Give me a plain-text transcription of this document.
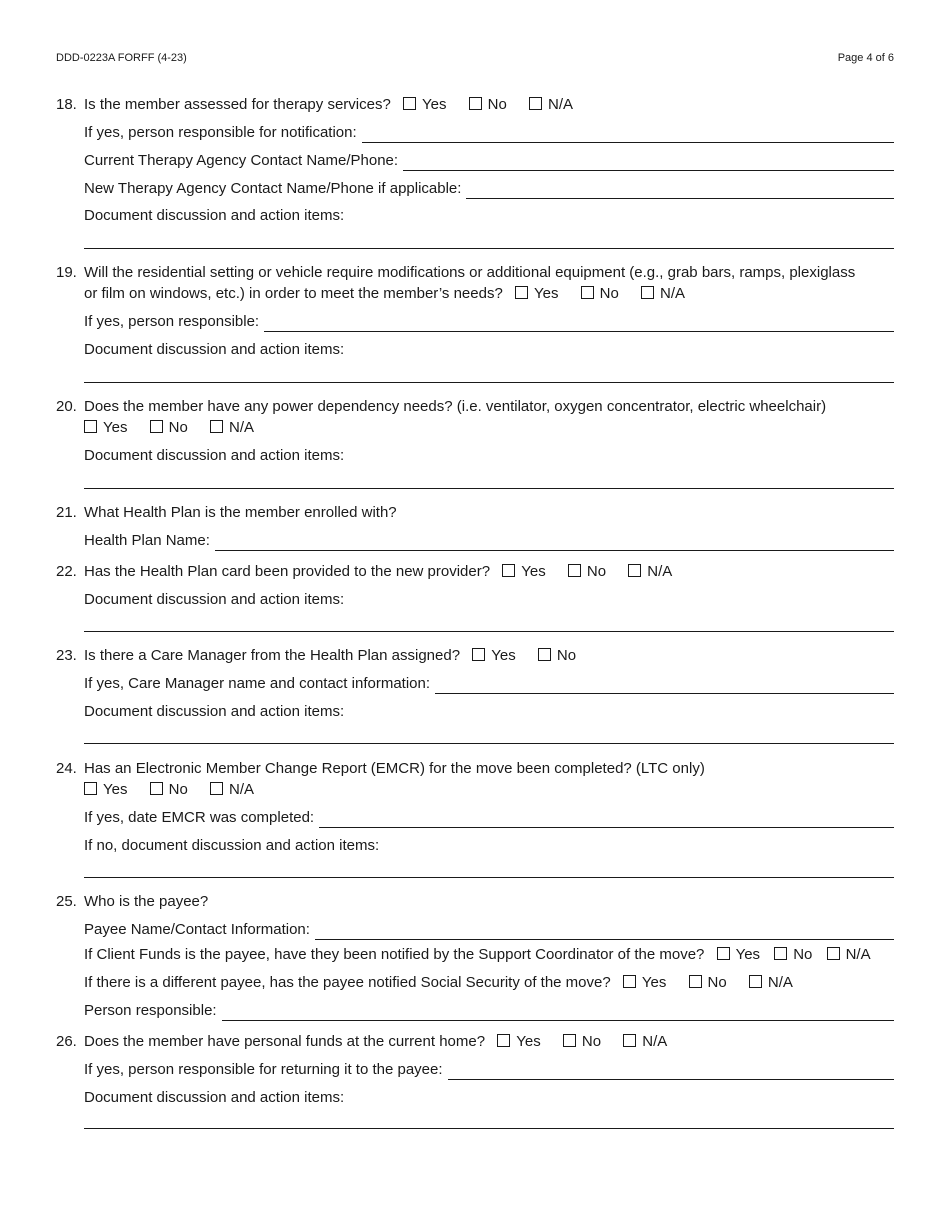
DDD-0223A FORFF (4-23)	Page 4 of 6
18. Is the member assessed for therapy services? Yes	No	N/A
If yes, person responsible for notification:
Current Therapy Agency Contact Name/Phone:
New Therapy Agency Contact Name/Phone if applicable:
Document discussion and action items:
19. Will the residential setting or vehicle require modifications or additional equipment (e.g., grab bars, ramps, plexiglass
or film on windows, etc.) in order to meet the member’s needs? Yes	No	N/A
If yes, person responsible:
Document discussion and action items:
20. Does the member have any power dependency needs? (i.e. ventilator, oxygen concentrator, electric wheelchair)
Yes	No	N/A
Document discussion and action items:
21. What Health Plan is the member enrolled with?
Health Plan Name:
22. Has the Health Plan card been provided to the new provider? Yes	No	N/A
Document discussion and action items:
23. Is there a Care Manager from the Health Plan assigned? Yes	No
If yes, Care Manager name and contact information:
Document discussion and action items:
24. Has an Electronic Member Change Report (EMCR) for the move been completed? (LTC only)
Yes	No	N/A
If yes, date EMCR was completed:
If no, document discussion and action items:
25. Who is the payee?
Payee Name/Contact Information:
If Client Funds is the payee, have they been notified by the Support Coordinator of the move? Yes No N/A
If there is a different payee, has the payee notified Social Security of the move? Yes	No	N/A
Person responsible:
26. Does the member have personal funds at the current home? Yes	No	N/A
If yes, person responsible for returning it to the payee:
Document discussion and action items:
